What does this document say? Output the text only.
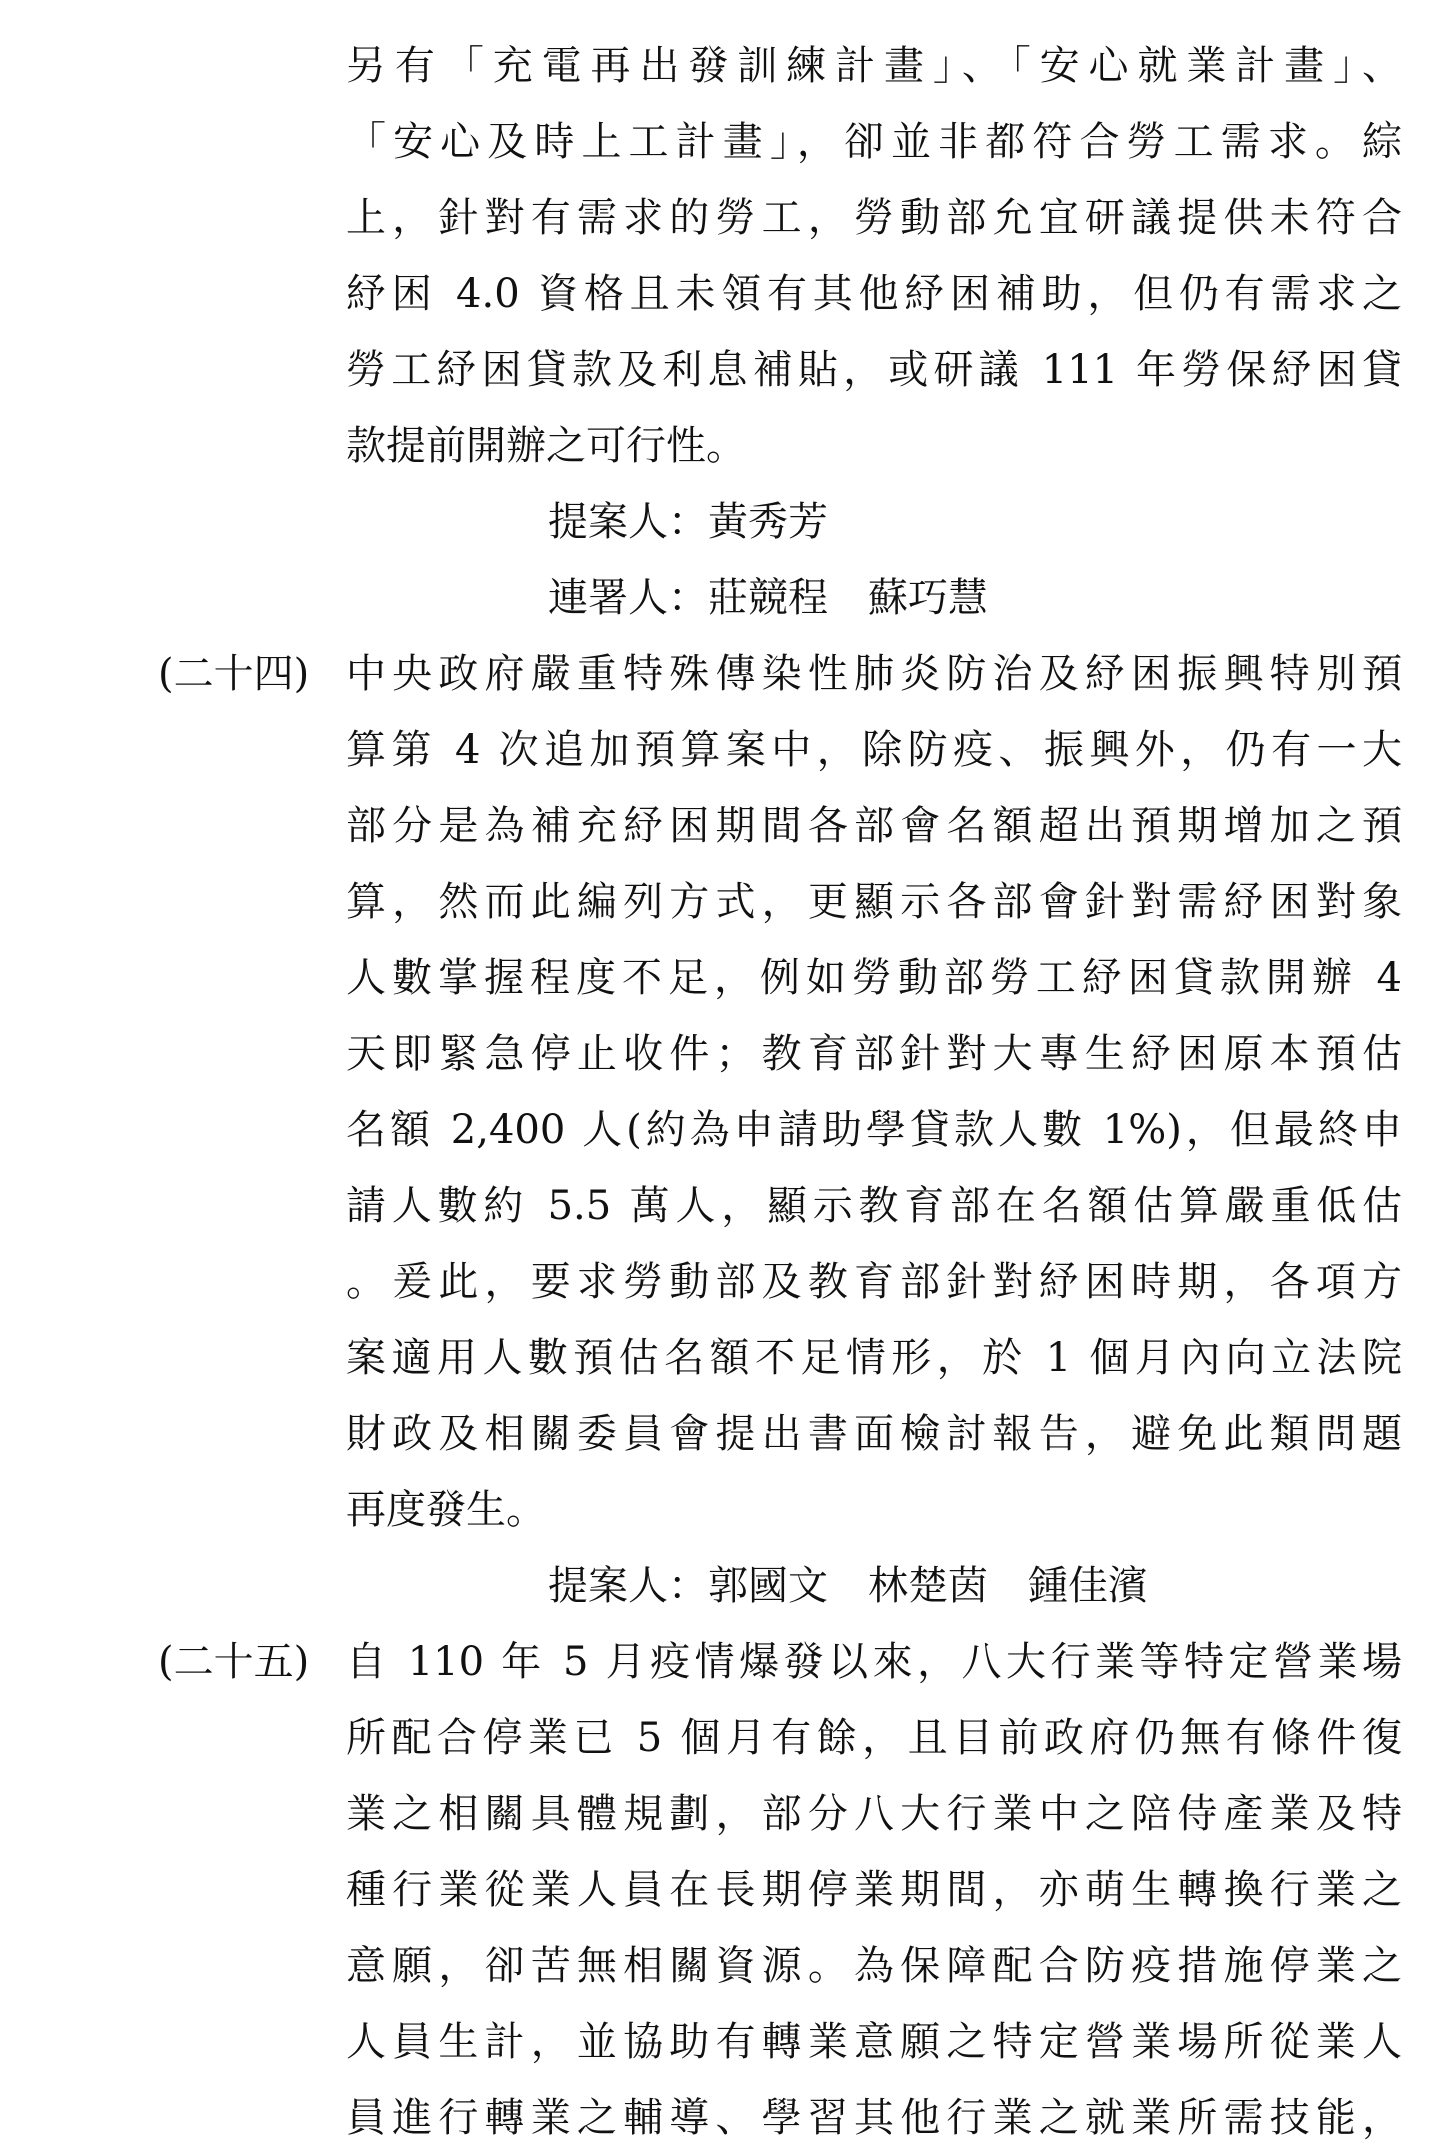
另有「充電再出發訓練計畫」、「安心就業計畫」、
「安心及時上工計畫」，卻並非都符合勞工需求。綜
上，針對有需求的勞工，勞動部允宜研議提供未符合
紓困 4.0 資格且未領有其他紓困補助，但仍有需求之
勞工紓困貸款及利息補貼，或研議 111 年勞保紓困貸
款提前開辦之可行性。
提案人：黃秀芳
連署人：莊競程　蘇巧慧
(二十四) 中央政府嚴重特殊傳染性肺炎防治及紓困振興特別預
算第 4 次追加預算案中，除防疫、振興外，仍有一大
部分是為補充紓困期間各部會名額超出預期增加之預
算，然而此編列方式，更顯示各部會針對需紓困對象
人數掌握程度不足，例如勞動部勞工紓困貸款開辦 4
天即緊急停止收件；教育部針對大專生紓困原本預估
名額 2,400 人(約為申請助學貸款人數 1%)，但最終申
請人數約 5.5 萬人，顯示教育部在名額估算嚴重低估
。爰此，要求勞動部及教育部針對紓困時期，各項方
案適用人數預估名額不足情形，於 1 個月內向立法院
財政及相關委員會提出書面檢討報告，避免此類問題
再度發生。
提案人：郭國文　林楚茵　鍾佳濱
(二十五) 自 110 年 5 月疫情爆發以來，八大行業等特定營業場
所配合停業已 5 個月有餘，且目前政府仍無有條件復
業之相關具體規劃，部分八大行業中之陪侍產業及特
種行業從業人員在長期停業期間，亦萌生轉換行業之
意願，卻苦無相關資源。為保障配合防疫措施停業之
人員生計，並協助有轉業意願之特定營業場所從業人
員進行轉業之輔導、學習其他行業之就業所需技能，
